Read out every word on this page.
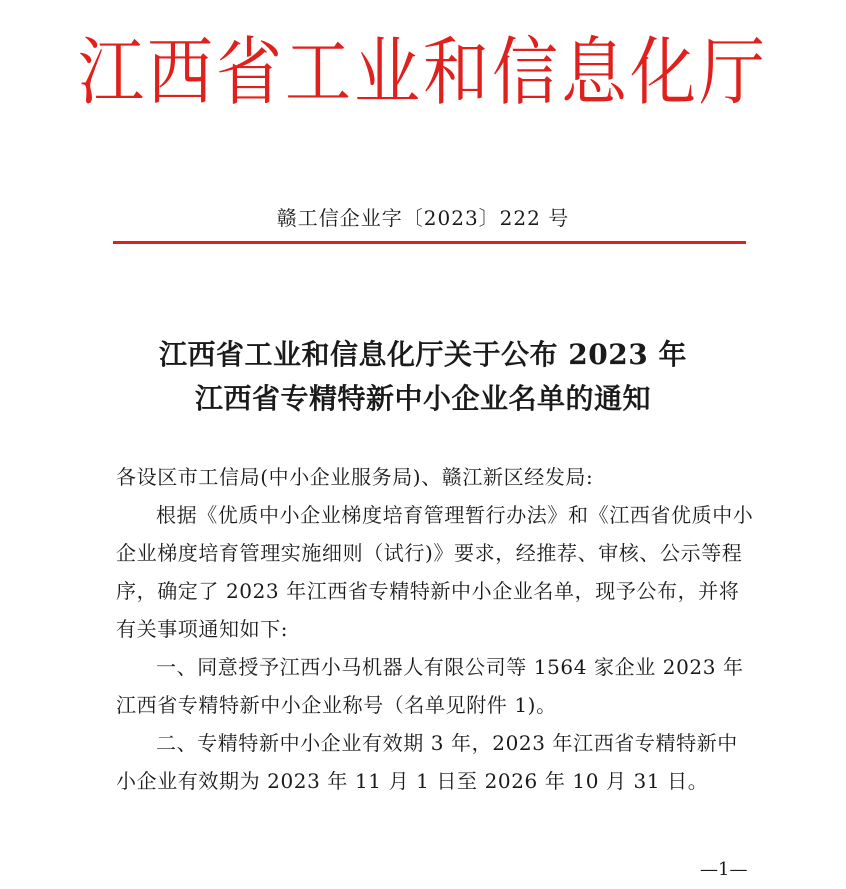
江西省工业和信息化厅
赣工信企业字〔2023〕222 号
江西省工业和信息化厅关于公布 2023 年
江西省专精特新中小企业名单的通知

各设区市工信局(中小企业服务局)、赣江新区经发局:

根据《优质中小企业梯度培育管理暂行办法》和《江西省优质中小企业梯度培育管理实施细则（试行)》要求，经推荐、审核、公示等程序，确定了 2023 年江西省专精特新中小企业名单，现予公布，并将有关事项通知如下:

一、同意授予江西小马机器人有限公司等 1564 家企业 2023 年江西省专精特新中小企业称号（名单见附件 1)。

二、专精特新中小企业有效期 3 年，2023 年江西省专精特新中小企业有效期为 2023 年 11 月 1 日至 2026 年 10 月 31 日。

—1—
